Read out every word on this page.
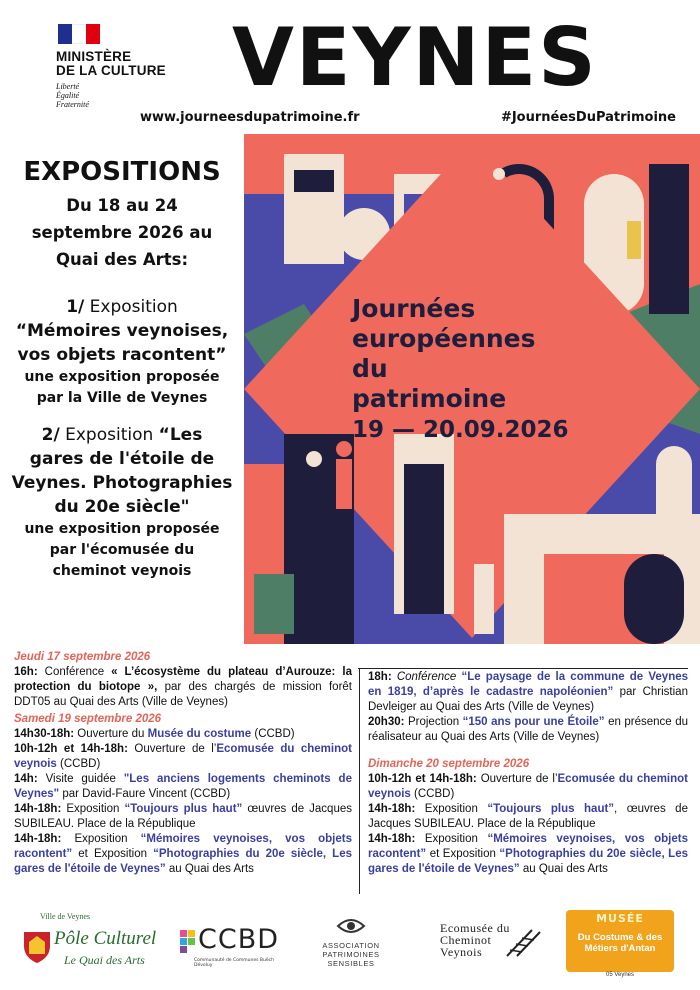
MINISTÈRE
DE LA CULTURE
Liberté
Égalité
Fraternité
VEYNES
www.journeesdupatrimoine.fr	#JournéesDuPatrimoine
EXPOSITIONS
Du 18 au 24
septembre 2026 au
Quai des Arts:
1/ Exposition
“Mémoires veynoises,
vos objets racontent”
une exposition proposée
par la Ville de Veynes
2/ Exposition “Les
gares de l'étoile de
Veynes. Photographies
du 20e siècle"
une exposition proposée
par l'écomusée du
cheminot veynois
Journées
européennes
du
patrimoine
19 — 20.09.2026
Jeudi 17 septembre 2026

16h: Conférence « L’écosystème du plateau d’Aurouze: la protection du biotope », par des chargés de mission forêt DDT05 au Quai des Arts (Ville de Veynes)

Samedi 19 septembre 2026

14h30-18h: Ouverture du Musée du costume (CCBD)

10h-12h et 14h-18h: Ouverture de l’Ecomusée du cheminot veynois (CCBD)

14h: Visite guidée "Les anciens logements cheminots de Veynes" par David-Faure Vincent (CCBD)

14h-18h: Exposition “Toujours plus haut” œuvres de Jacques SUBILEAU. Place de la République

14h-18h: Exposition “Mémoires veynoises, vos objets racontent” et Exposition “Photographies du 20e siècle, Les gares de l'étoile de Veynes” au Quai des Arts

18h: Conférence “Le paysage de la commune de Veynes en 1819, d’après le cadastre napoléonien” par Christian Devleiger au Quai des Arts (Ville de Veynes)

20h30: Projection “150 ans pour une Étoile” en présence du réalisateur au Quai des Arts (Ville de Veynes)

Dimanche 20 septembre 2026

10h-12h et 14h-18h: Ouverture de l’Ecomusée du cheminot veynois (CCBD)

14h-18h: Exposition “Toujours plus haut”, œuvres de Jacques SUBILEAU. Place de la République

14h-18h: Exposition “Mémoires veynoises, vos objets racontent” et Exposition “Photographies du 20e siècle, Les gares de l'étoile de Veynes” au Quai des Arts

Ville de Veynes
Pôle Culturel
Le Quai des Arts
CCBD
Communauté de Communes Buëch Dévoluy
ASSOCIATION
PATRIMOINES
SENSIBLES
Ecomusée du
Cheminot
Veynois
MUSÉE
Du Costume & des
Métiers d'Antan
05 Veynes
